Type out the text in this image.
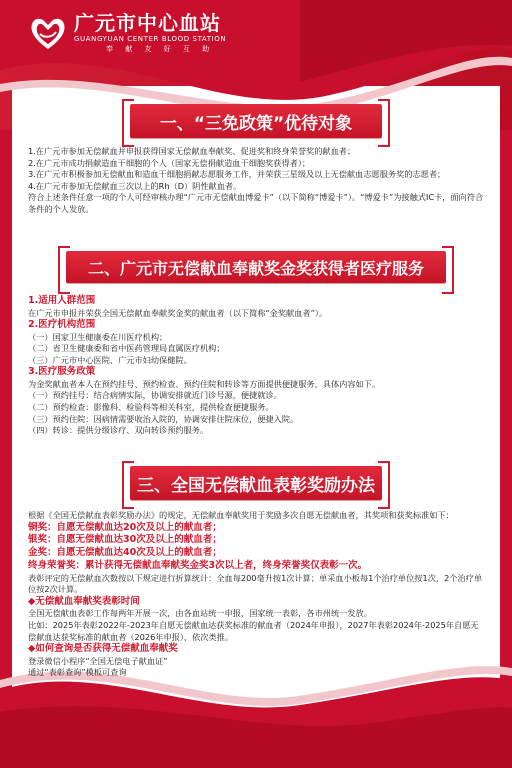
广元市中心血站
GUANGYUAN CENTER BLOOD STATION
奉 献 友 好 互 助
一、“三免政策”优待对象

1.在广元市参加无偿献血并申报获得国家无偿献血奉献奖、促进奖和终身荣誉奖的献血者；

2.在广元市成功捐献造血干细胞的个人（国家无偿捐献造血干细胞奖获得者）；

3.在广元市积极参加无偿献血和造血干细胞捐献志愿服务工作，并荣获三星级及以上无偿献血志愿服务奖的志愿者；

4.在广元市参加无偿献血三次以上的Rh（D）阴性献血者。

符合上述条件任意一项的个人可经审核办理“广元市无偿献血博爱卡”（以下简称“博爱卡”）。“博爱卡”为接触式IC卡，面向符合条件的个人发放。

二、广元市无偿献血奉献奖金奖获得者医疗服务

1.适用人群范围

在广元市申报并荣获全国无偿献血奉献奖金奖的献血者（以下简称“金奖献血者”）。

2.医疗机构范围

（一）国家卫生健康委在川医疗机构；

（二）省卫生健康委和省中医药管理局直属医疗机构；

（三）广元市中心医院、广元市妇幼保健院。

3.医疗服务政策

为金奖献血者本人在预约挂号、预约检查、预约住院和转诊等方面提供便捷服务，具体内容如下。

（一）预约挂号：结合病情实际，协调安排就近门诊号源，便捷就诊。

（二）预约检查：影像科、检验科等相关科室，提供检查便捷服务。

（三）预约住院：因病情需要收治入院的，协调安排住院床位，便捷入院。

（四）转诊：提供分级诊疗、双向转诊预约服务。

三、全国无偿献血表彰奖励办法

根据《全国无偿献血表彰奖励办法》的规定，无偿献血奉献奖用于奖励多次自愿无偿献血者，其奖项和获奖标准如下：

铜奖：自愿无偿献血达20次及以上的献血者；

银奖：自愿无偿献血达30次及以上的献血者；

金奖：自愿无偿献血达40次及以上的献血者；

终身荣誉奖：累计获得无偿献血奉献奖金奖3次以上者，终身荣誉奖仅表彰一次。

表彰评定的无偿献血次数按以下规定进行折算统计：全血每200毫升按1次计算；单采血小板每1个治疗单位按1次，2个治疗单位按2次计算。

◆无偿献血奉献奖表彰时间

全国无偿献血表彰工作每两年开展一次，由各血站统一申报，国家统一表彰，各市州统一发放。

比如：2025年表彰2022年-2023年自愿无偿献血达获奖标准的献血者（2024年申报），2027年表彰2024年-2025年自愿无偿献血达获奖标准的献血者（2026年申报），依次类推。

◆如何查询是否获得无偿献血奉献奖

登录微信小程序“全国无偿电子献血证”

通过“表彰查询”模板可查询
